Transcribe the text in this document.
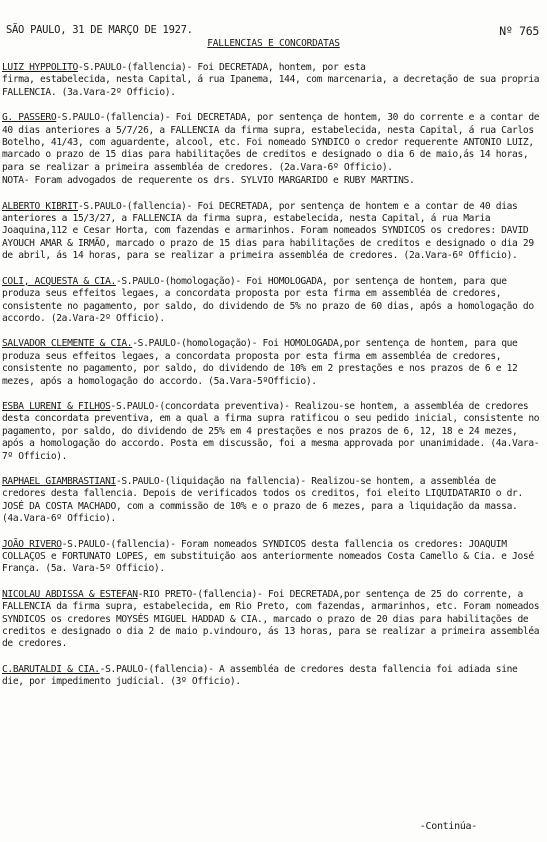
SÃO PAULO, 31 DE MARÇO DE 1927.	Nº 765
FALLENCIAS E CONCORDATAS
LUIZ HYPPOLITO-S.PAULO-(fallencia)- Foi DECRETADA, hontem, por esta
firma, estabelecida, nesta Capital, á rua Ipanema, 144, com marcenaria, a decretação de sua propria FALLENCIA. (3a.Vara-2º Officio).
G. PASSERO-S.PAULO-(fallencia)- Foi DECRETADA, por sentença de hontem, 30 do corrente e a contar de 40 dias anteriores a 5/7/26, a FALLENCIA da firma supra, estabelecida, nesta Capital, á rua Carlos Botelho, 41/43, com aguardente, alcool, etc. Foi nomeado SYNDICO o credor requerente ANTONIO LUIZ, marcado o prazo de 15 dias para habilitações de creditos e designado o dia 6 de maio,ás 14 horas, para se realizar a primeira assembléa de credores. (2a.Vara-6º Officio).
NOTA- Foram advogados de requerente os drs. SYLVIO MARGARIDO e RUBY MARTINS.
ALBERTO KIBRIT-S.PAULO-(fallencia)- Foi DECRETADA, por sentença de hontem e a contar de 40 dias anteriores a 15/3/27, a FALLENCIA da firma supra, estabelecida, nesta Capital, á rua Maria Joaquina,112 e Cesar Horta, com fazendas e armarinhos. Foram nomeados SYNDICOS os credores: DAVID AYOUCH AMAR & IRMÃO, marcado o prazo de 15 dias para habilitações de creditos e designado o dia 29 de abril, ás 14 horas, para se realizar a primeira assembléa de credores. (2a.Vara-6º Officio).
COLI, ACQUESTA & CIA.-S.PAULO-(homologação)- Foi HOMOLOGADA, por sentença de hontem, para que produza seus effeitos legaes, a concordata proposta por esta firma em assembléa de credores, consistente no pagamento, por saldo, do dividendo de 5% no prazo de 60 dias, após a homologação do accordo. (2a.Vara-2º Officio).
SALVADOR CLEMENTE & CIA.-S.PAULO-(homologação)- Foi HOMOLOGADA,por sentença de hontem, para que produza seus effeitos legaes, a concordata proposta por esta firma em assembléa de credores, consistente no pagamento, por saldo, do dividendo de 10% em 2 prestações e nos prazos de 6 e 12 mezes, após a homologação do accordo. (5a.Vara-5ºOfficio).
ESBA LURENI & FILHOS-S.PAULO-(concordata preventiva)- Realizou-se hontem, a assembléa de credores desta concordata preventiva, em a qual a firma supra ratificou o seu pedido inicial, consistente no pagamento, por saldo, do dividendo de 25% em 4 prestações e nos prazos de 6, 12, 18 e 24 mezes, após a homologação do accordo. Posta em discussão, foi a mesma approvada por unanimidade. (4a.Vara-7º Officio).
RAPHAEL GIAMBRASTIANI-S.PAULO-(liquidação na fallencia)- Realizou-se hontem, a assembléa de credores desta fallencia. Depois de verificados todos os creditos, foi eleito LIQUIDATARIO o dr. JOSÉ DA COSTA MACHADO, com a commissão de 10% e o prazo de 6 mezes, para a liquidação da massa. (4a.Vara-6º Officio).
JOÃO RIVERO-S.PAULO-(fallencia)- Foram nomeados SYNDICOS desta fallencia os credores: JOAQUIM COLLAÇOS e FORTUNATO LOPES, em substituição aos anteriormente nomeados Costa Camello & Cia. e José França. (5a. Vara-5º Officio).
NICOLAU ABDISSA & ESTEFAN-RIO PRETO-(fallencia)- Foi DECRETADA,por sentença de 25 do corrente, a FALLENCIA da firma supra, estabelecida, em Rio Preto, com fazendas, armarinhos, etc. Foram nomeados SYNDICOS os credores MOYSÉS MIGUEL HADDAD & CIA., marcado o prazo de 20 dias para habilitações de creditos e designado o dia 2 de maio p.vindouro, ás 13 horas, para se realizar a primeira assembléa de credores.
C.BARUTALDI & CIA.-S.PAULO-(fallencia)- A assembléa de credores desta fallencia foi adiada sine die, por impedimento judicial. (3º Officio).
-Continúa-
